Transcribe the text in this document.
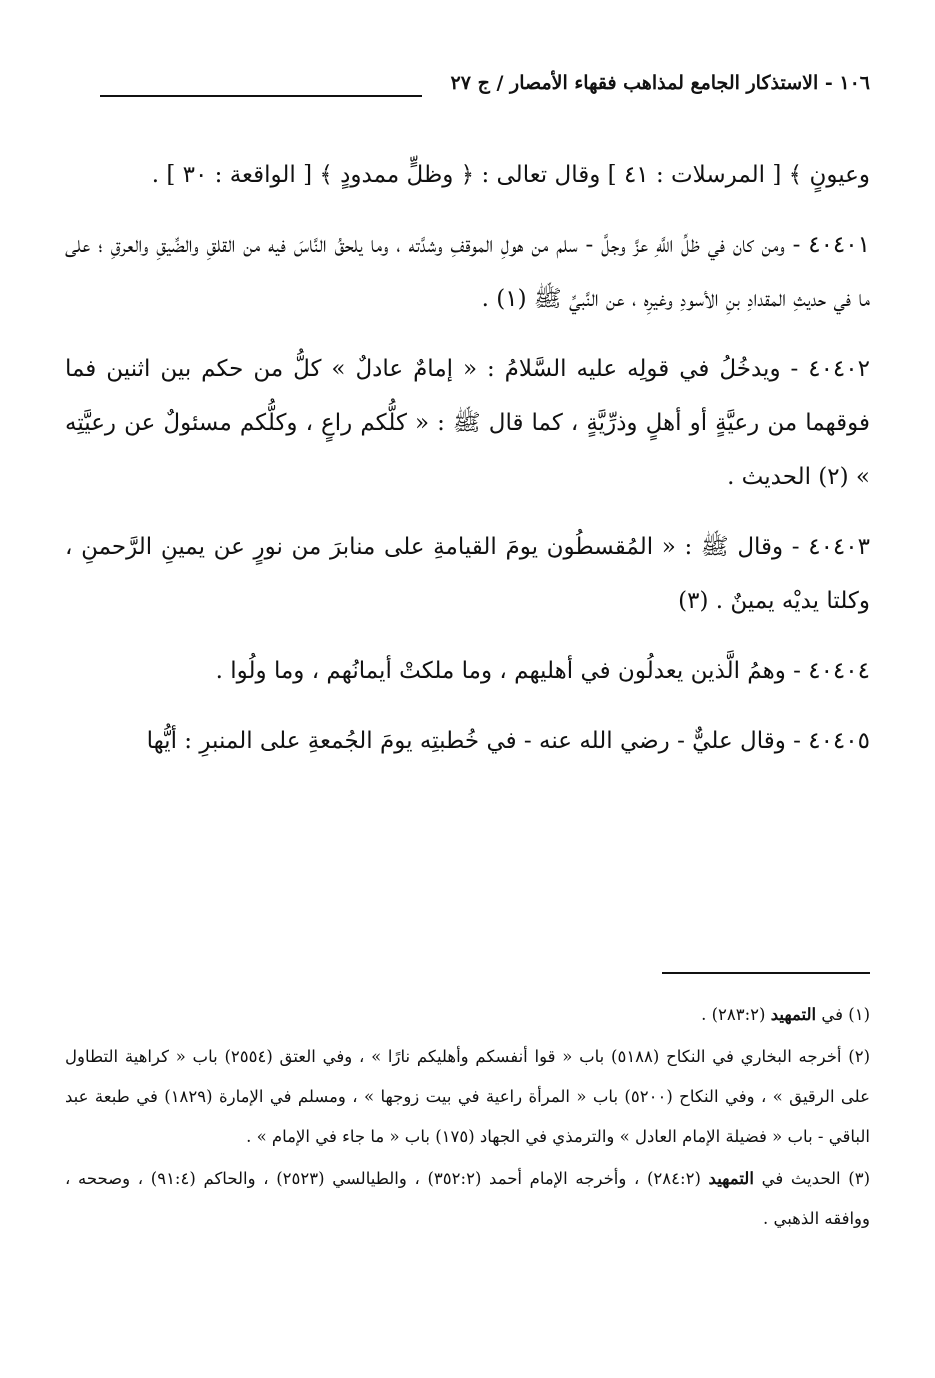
١٠٦ - الاستذكار الجامع لمذاهب فقهاء الأمصار / ج ٢٧

وعيونٍ ﴾ [ المرسلات : ٤١ ] وقال تعالى : ﴿ وظلٍّ ممدودٍ ﴾ [ الواقعة : ٣٠ ] .

٤٠٤٠١ - ومن كان في ظلِّ اللَّهِ عزَّ وجلَّ - سلم من هولِ الموقفِ وشدَّته ، وما يلحقُ النَّاسَ فيه من القلقِ والضِّيقِ والعرقِ ؛ على ما في حديثِ المقدادِ بنِ الأسودِ وغيرِه ، عن النَّبيِّ ﷺ (١) .

٤٠٤٠٢ - ويدخُلُ في قولِه عليه السَّلامُ : « إمامٌ عادلٌ » كلُّ من حكم بين اثنين فما فوقهما من رعيَّةٍ أو أهلٍ وذرِّيَّةٍ ، كما قال ﷺ : « كلُّكم راعٍ ، وكلُّكم مسئولٌ عن رعيَّتِه » (٢) الحديث .

٤٠٤٠٣ - وقال ﷺ : « المُقسطُون يومَ القيامةِ على منابرَ من نورٍ عن يمينِ الرَّحمنِ ، وكلتا يديْه يمينٌ . (٣)

٤٠٤٠٤ - وهمُ الَّذين يعدلُون في أهليهم ، وما ملكتْ أيمانُهم ، وما ولُوا .

٤٠٤٠٥ - وقال عليٌّ - رضي الله عنه - في خُطبتِه يومَ الجُمعةِ على المنبرِ : أيُّها

(١) في التمهيد (٢٨٣:٢) .

(٢) أخرجه البخاري في النكاح (٥١٨٨) باب « قوا أنفسكم وأهليكم نارًا » ، وفي العتق (٢٥٥٤) باب « كراهية التطاول على الرقيق » ، وفي النكاح (٥٢٠٠) باب « المرأة راعية في بيت زوجها » ، ومسلم في الإمارة (١٨٢٩) في طبعة عبد الباقي - باب « فضيلة الإمام العادل » والترمذي في الجهاد (١٧٥) باب « ما جاء في الإمام » .

(٣) الحديث في التمهيد (٢٨٤:٢) ، وأخرجه الإمام أحمد (٣٥٢:٢) ، والطيالسي (٢٥٢٣) ، والحاكم (٩١:٤) ، وصححه ، ووافقه الذهبي .
